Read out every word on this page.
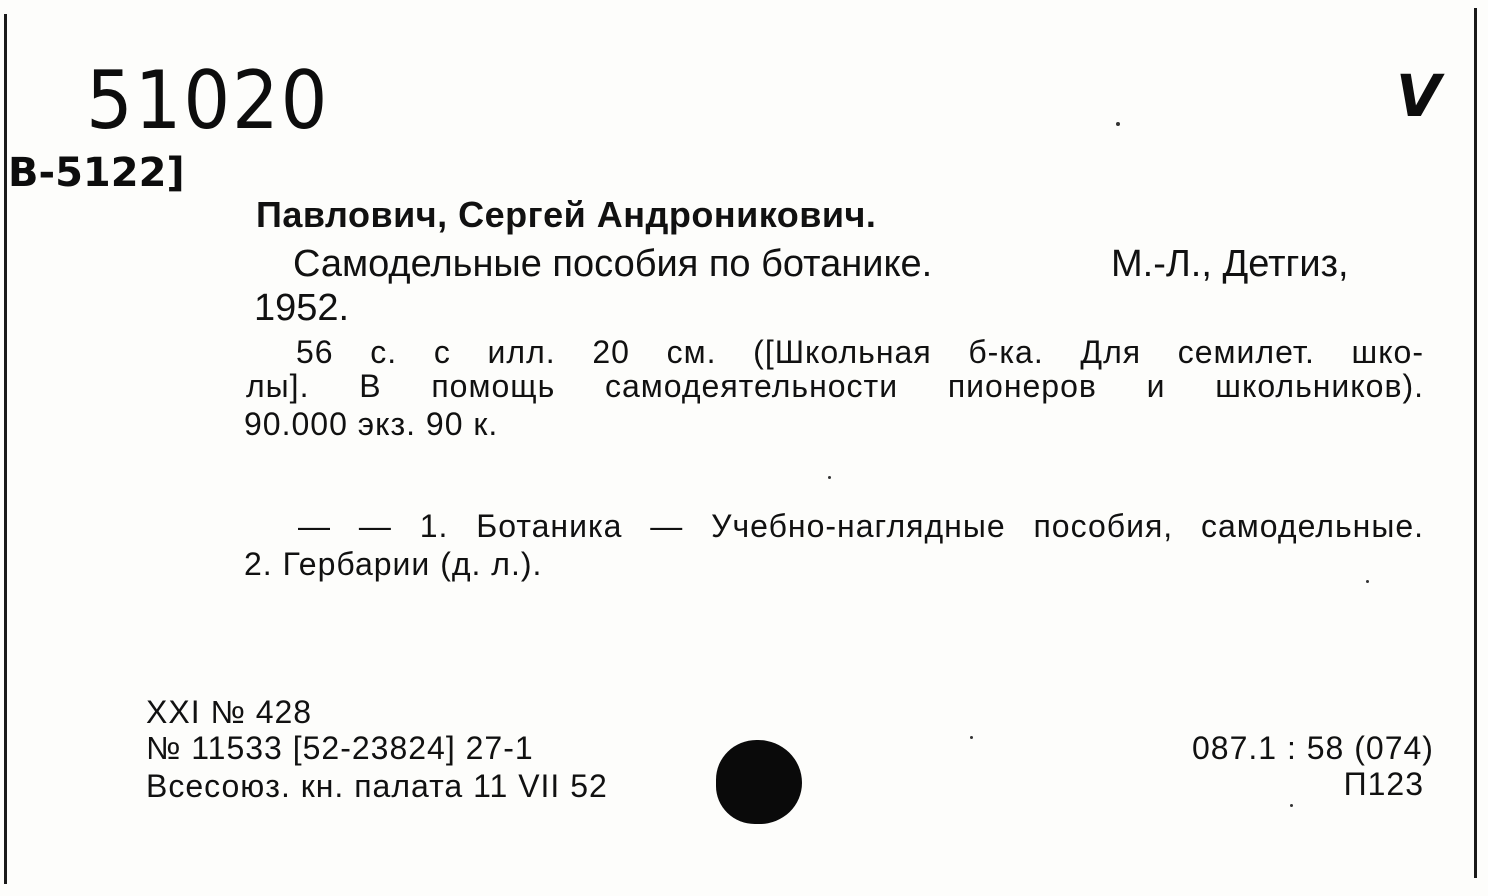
51020
B-5122]
V
Павлович, Сергей Андроникович.
Самодельные пособия по ботанике.	М.-Л., Детгиз,
1952.
56 с. с илл. 20 см. ([Школьная б-ка. Для семилет. шко-
лы]. В помощь самодеятельности пионеров и школьников).
90.000 экз. 90 к.
— — 1. Ботаника — Учебно-наглядные пособия, самодельные.
2. Гербарии (д. л.).
XXI № 428
№ 11533 [52-23824] 27-1
Всесоюз. кн. палата 11 VII 52
087.1 : 58 (074)
П123
